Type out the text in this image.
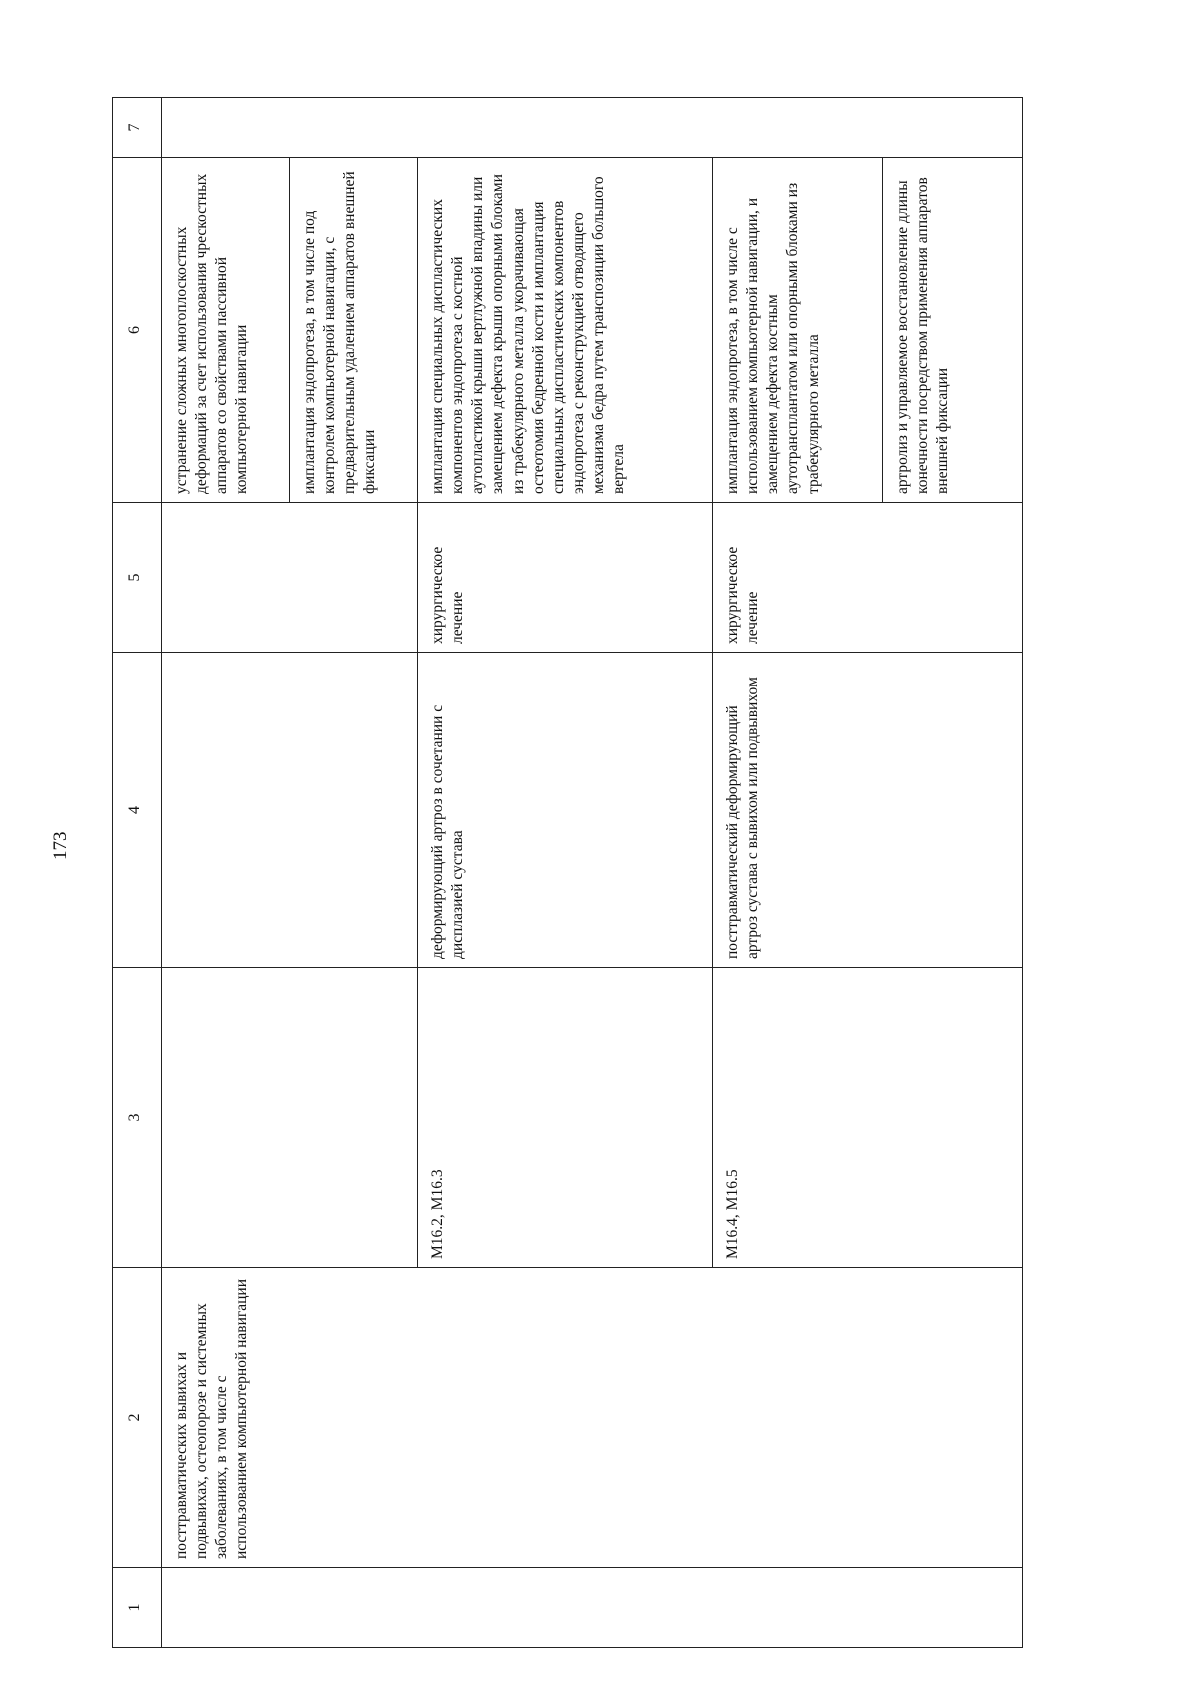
173
1	2	3	4	5	6	7
	посттравматических вывихах и подвывихах, остеопорозе и системных заболеваниях, в том числе с использованием компьютерной навигации				устранение сложных многоплоскостных деформаций за счет использования чрескостных аппаратов со свойствами пассивной компьютерной навигации	
					имплантация эндопротеза, в том числе под контролем компьютерной навигации, с предварительным удалением аппаратов внешней фиксации	
		M16.2, M16.3	деформирующий артроз в сочетании с дисплазией сустава	хирургическое лечение	имплантация специальных диспластических компонентов эндопротеза с костной аутопластикой крыши вертлужной впадины или замещением дефекта крыши опорными блоками из трабекулярного металла укорачивающая остеотомия бедренной кости и имплантация специальных диспластических компонентов эндопротеза с реконструкцией отводящего механизма бедра путем транспозиции большого вертела	
		M16.4, M16.5	посттравматический деформирующий артроз сустава с вывихом или подвывихом	хирургическое лечение	имплантация эндопротеза, в том числе с использованием компьютерной навигации, и замещением дефекта костным аутотрансплантатом или опорными блоками из трабекулярного металла	
					артролиз и управляемое восстановление длины конечности посредством применения аппаратов внешней фиксации	
